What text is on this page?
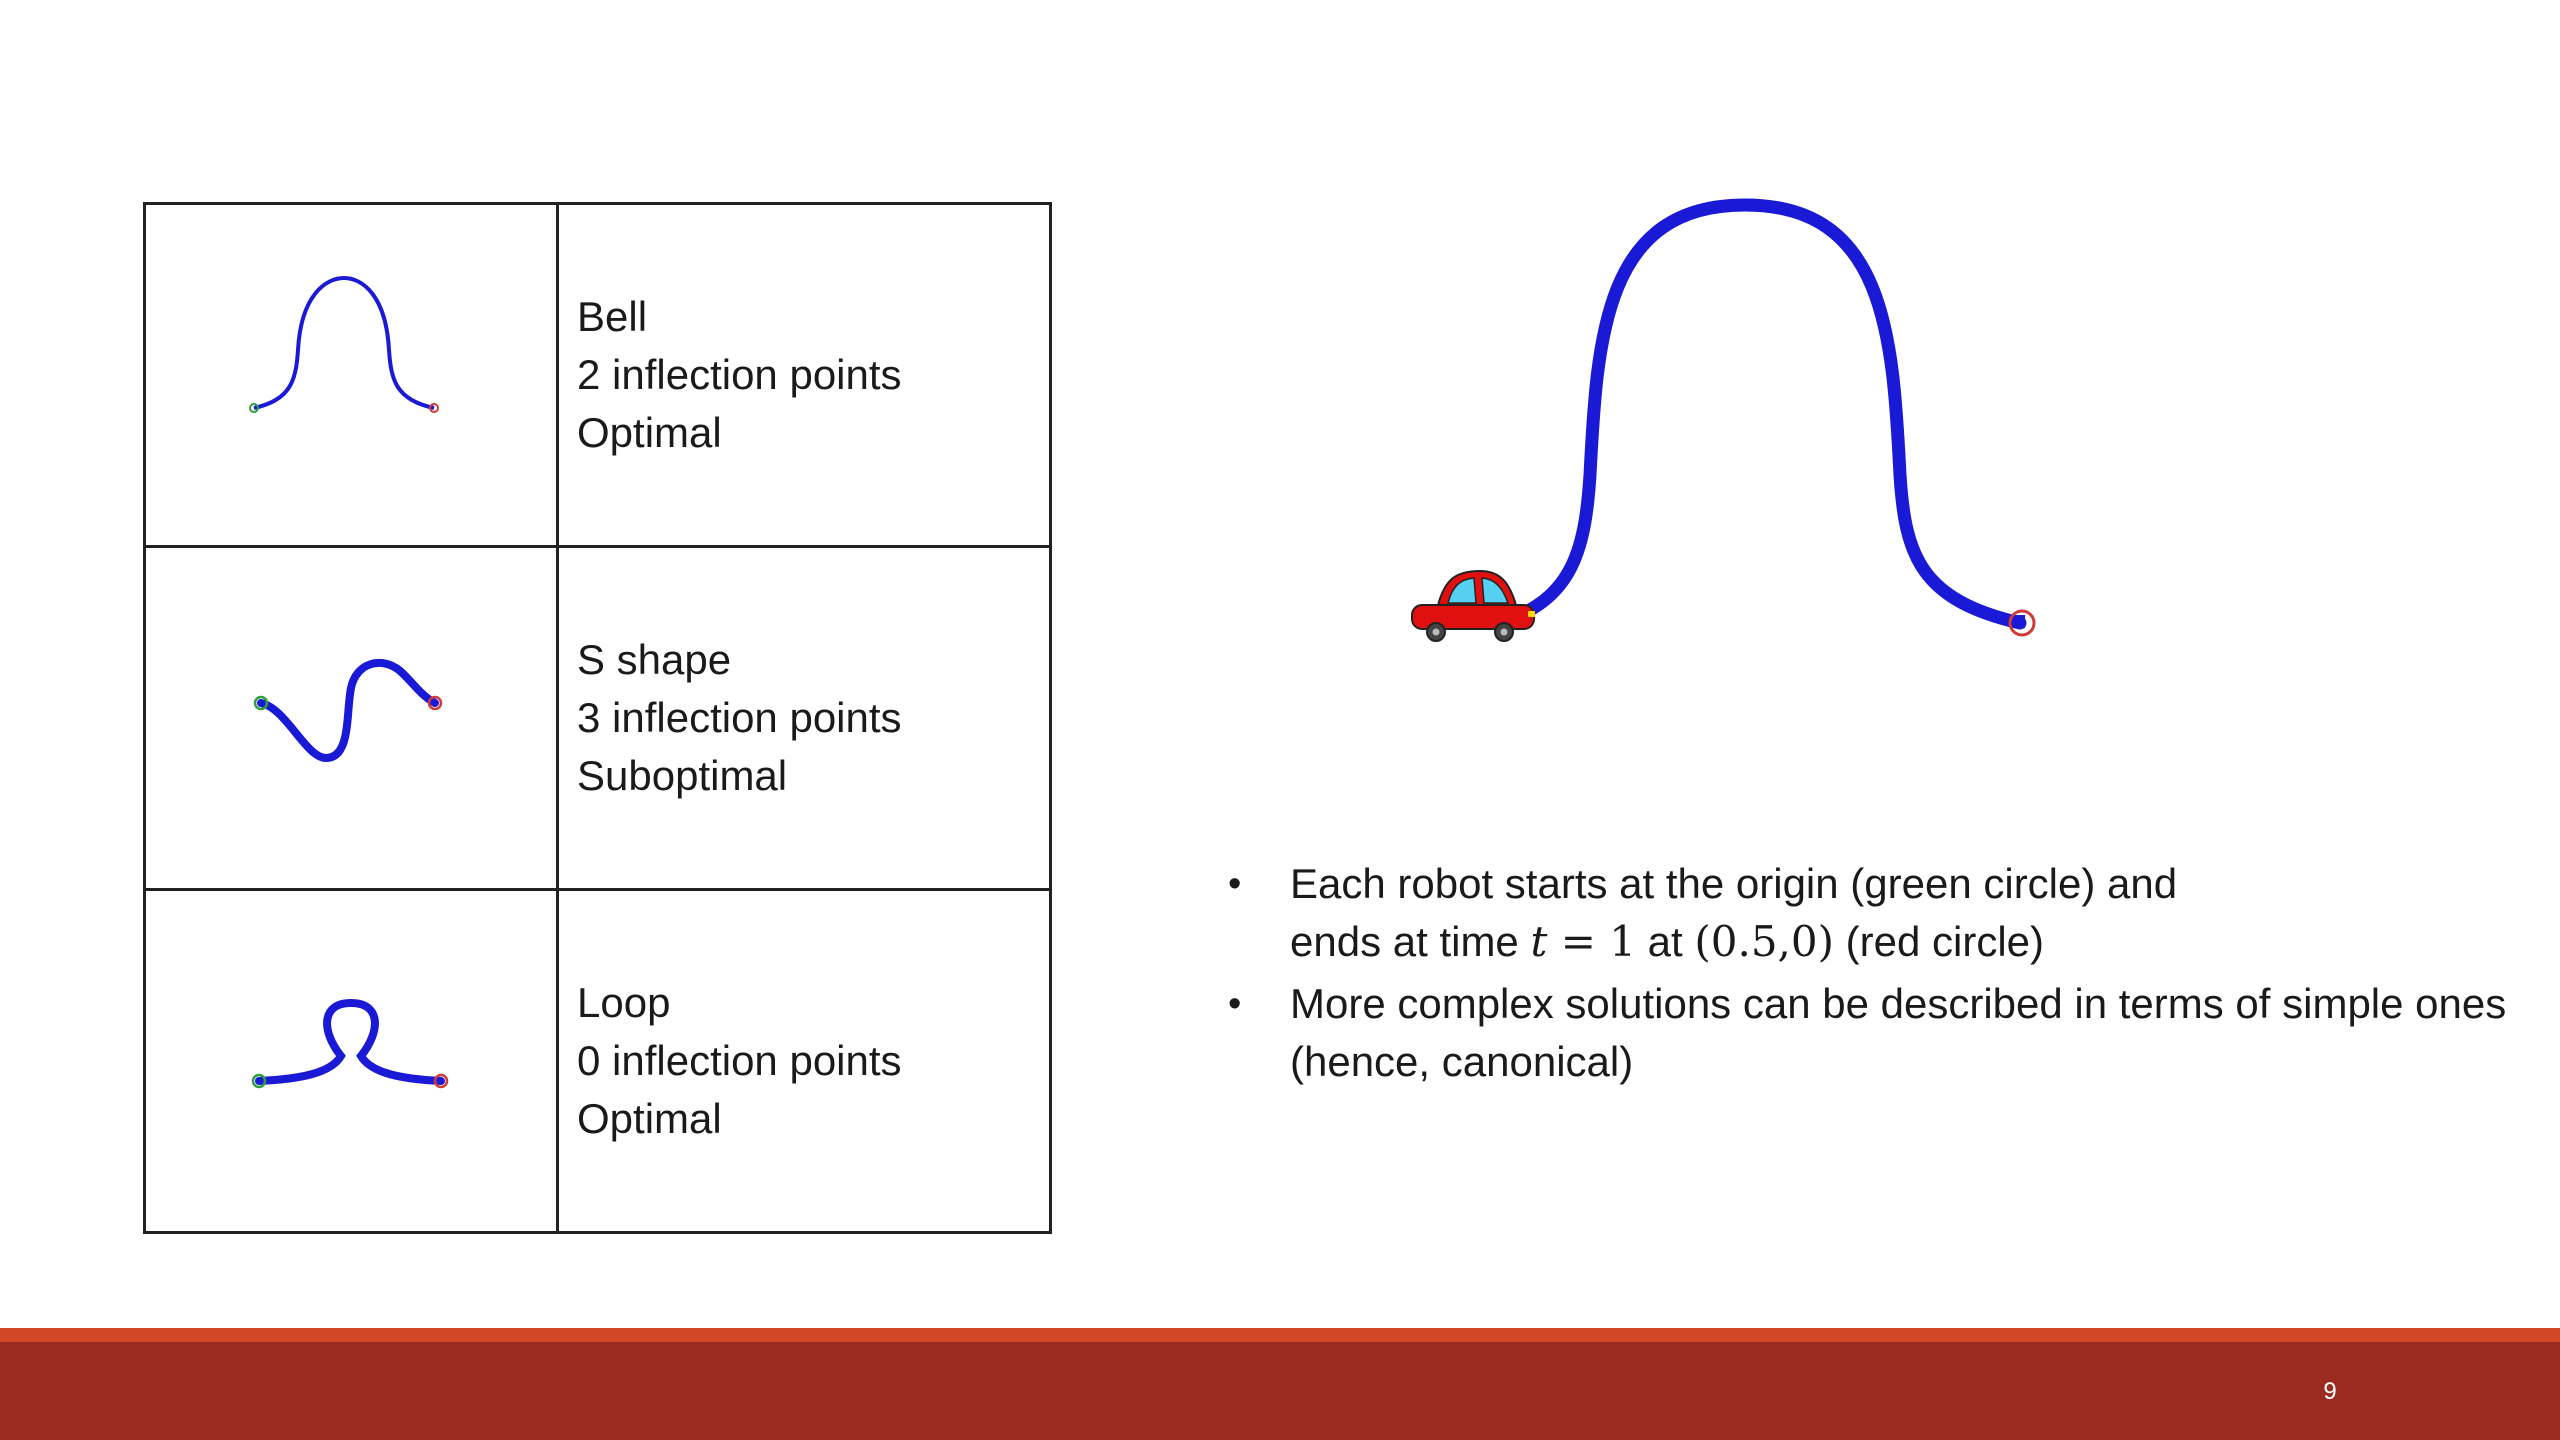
Bell
2 inflection points
Optimal

S shape
3 inflection points
Suboptimal

Loop
0 inflection points
Optimal
• Each robot starts at the origin (green circle) and
ends at time t = 1 at (0.5,0) (red circle)
• More complex solutions can be described in terms of simple ones (hence, canonical)
9
